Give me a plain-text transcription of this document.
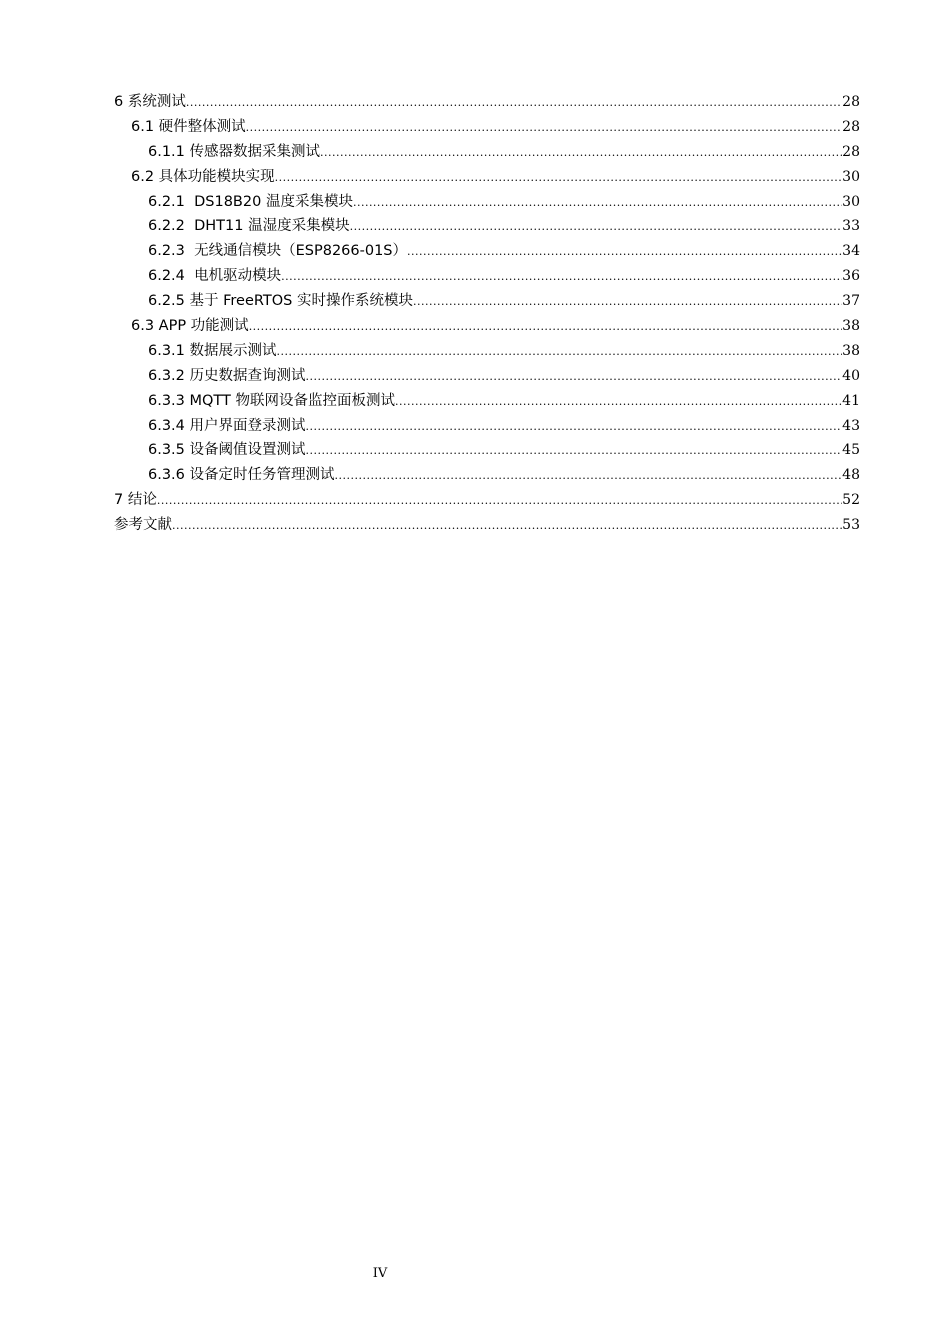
6 系统测试 .....	28
6.1 硬件整体测试 .....	28
6.1.1 传感器数据采集测试 .....	28
6.2 具体功能模块实现 .....	30
6.2.1  DS18B20 温度采集模块 .....	30
6.2.2  DHT11 温湿度采集模块 .....	33
6.2.3  无线通信模块（ESP8266-01S） .....	34
6.2.4  电机驱动模块 .....	36
6.2.5 基于 FreeRTOS 实时操作系统模块 .....	37
6.3 APP 功能测试 .....	38
6.3.1 数据展示测试 .....	38
6.3.2 历史数据查询测试 .....	40
6.3.3 MQTT 物联网设备监控面板测试 .....	41
6.3.4 用户界面登录测试 .....	43
6.3.5 设备阈值设置测试 .....	45
6.3.6 设备定时任务管理测试 .....	48
7 结论 .....	52
参考文献 .....	53
IV
